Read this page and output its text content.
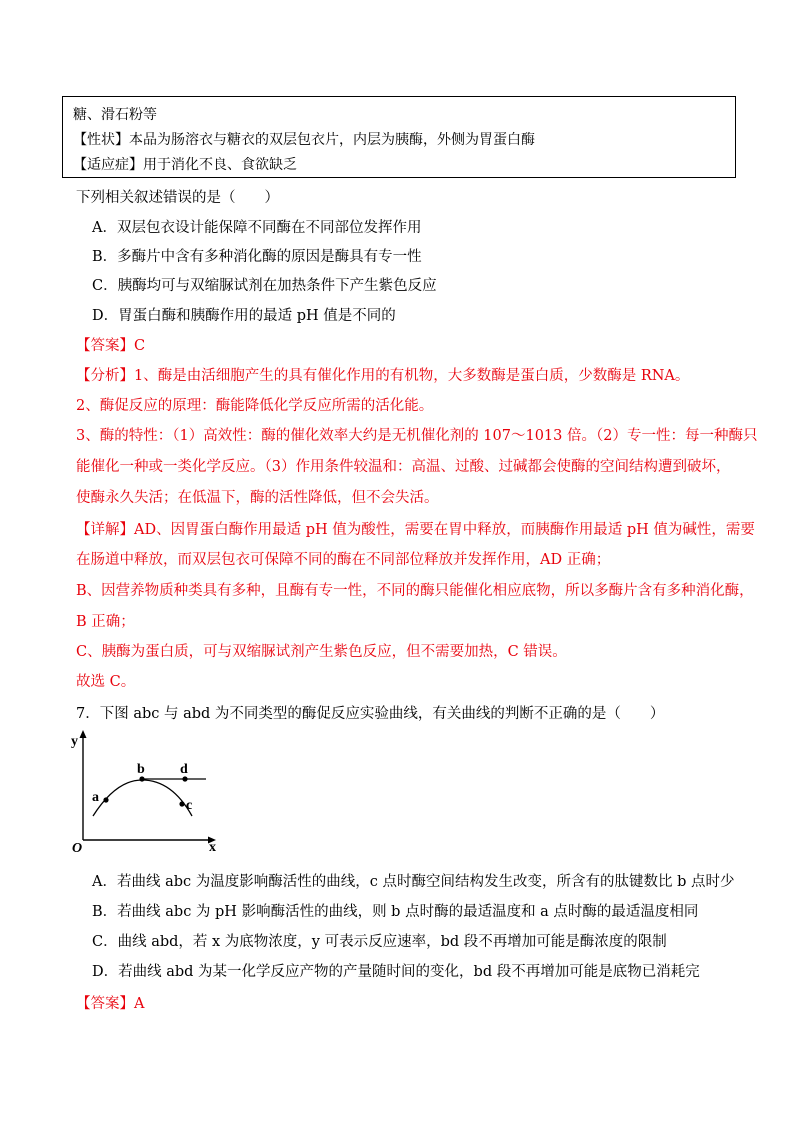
糖、滑石粉等
【性状】本品为肠溶衣与糖衣的双层包衣片，内层为胰酶，外侧为胃蛋白酶
【适应症】用于消化不良、食欲缺乏
下列相关叙述错误的是（　　）
A．双层包衣设计能保障不同酶在不同部位发挥作用
B．多酶片中含有多种消化酶的原因是酶具有专一性
C．胰酶均可与双缩脲试剂在加热条件下产生紫色反应
D．胃蛋白酶和胰酶作用的最适 pH 值是不同的
【答案】C
【分析】1、酶是由活细胞产生的具有催化作用的有机物，大多数酶是蛋白质，少数酶是 RNA。
2、酶促反应的原理：酶能降低化学反应所需的活化能。
3、酶的特性：（1）高效性：酶的催化效率大约是无机催化剂的 107～1013 倍。（2）专一性：每一种酶只
能催化一种或一类化学反应。（3）作用条件较温和：高温、过酸、过碱都会使酶的空间结构遭到破坏，
使酶永久失活；在低温下，酶的活性降低，但不会失活。
【详解】AD、因胃蛋白酶作用最适 pH 值为酸性，需要在胃中释放，而胰酶作用最适 pH 值为碱性，需要
在肠道中释放，而双层包衣可保障不同的酶在不同部位释放并发挥作用，AD 正确；
B、因营养物质种类具有多种，且酶有专一性，不同的酶只能催化相应底物，所以多酶片含有多种消化酶，
B 正确；
C、胰酶为蛋白质，可与双缩脲试剂产生紫色反应，但不需要加热，C 错误。
故选 C。
7．下图 abc 与 abd 为不同类型的酶促反应实验曲线，有关曲线的判断不正确的是（　　）
y
x
O
a
b
c
d
A．若曲线 abc 为温度影响酶活性的曲线，c 点时酶空间结构发生改变，所含有的肽键数比 b 点时少
B．若曲线 abc 为 pH 影响酶活性的曲线，则 b 点时酶的最适温度和 a 点时酶的最适温度相同
C．曲线 abd，若 x 为底物浓度，y 可表示反应速率，bd 段不再增加可能是酶浓度的限制
D．若曲线 abd 为某一化学反应产物的产量随时间的变化，bd 段不再增加可能是底物已消耗完
【答案】A
